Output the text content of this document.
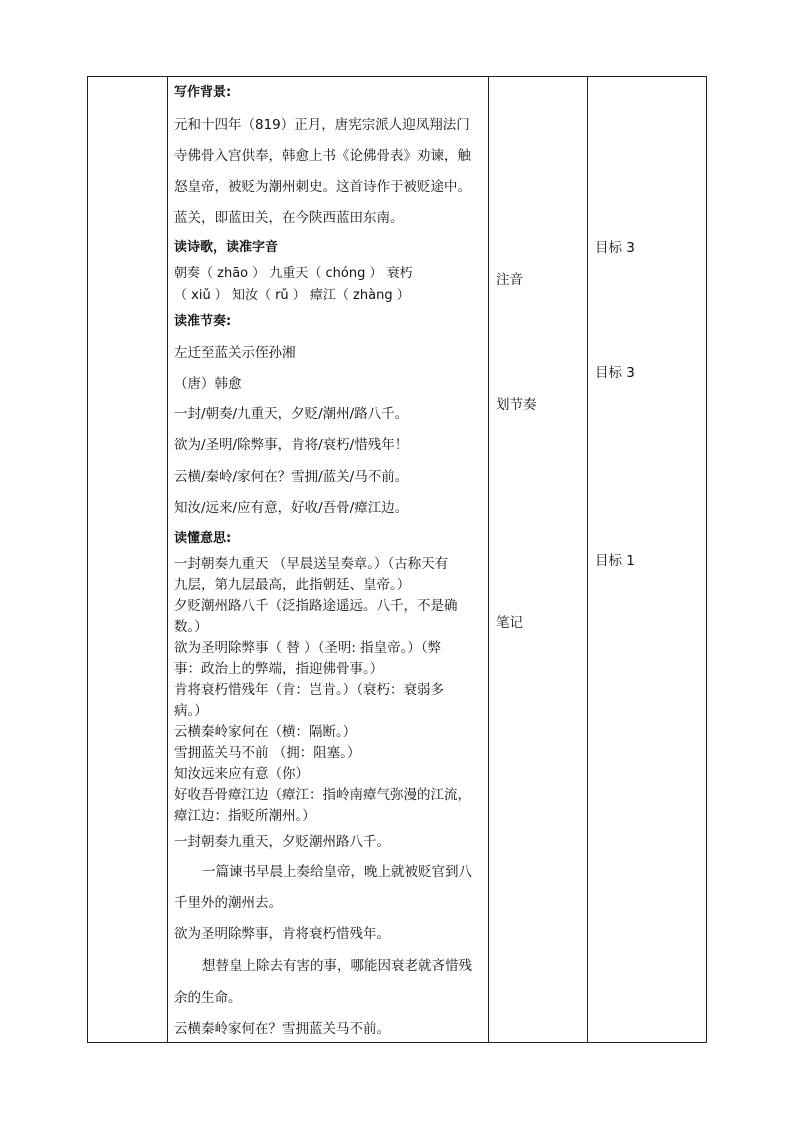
写作背景:
元和十四年（819）正月，唐宪宗派人迎凤翔法门
寺佛骨入宫供奉，韩愈上书《论佛骨表》劝谏，触
怒皇帝，被贬为潮州刺史。这首诗作于被贬途中。
蓝关，即蓝田关，在今陕西蓝田东南。
读诗歌，读准字音
朝奏（ zhāo ） 九重天（ chóng ） 衰朽
（ xiǔ ） 知汝（ rǔ ） 瘴江（ zhàng ）
读准节奏:
左迁至蓝关示侄孙湘
（唐）韩愈
一封/朝奏/九重天，夕贬/潮州/路八千。
欲为/圣明/除弊事，肯将/衰朽/惜残年！
云横/秦岭/家何在？雪拥/蓝关/马不前。
知汝/远来/应有意，好收/吾骨/瘴江边。
读懂意思:
一封朝奏九重天 （早晨送呈奏章。）（古称天有
九层，第九层最高，此指朝廷、皇帝。）
夕贬潮州路八千（泛指路途遥远。八千，不是确
数。）
欲为圣明除弊事（ 替 ）（圣明: 指皇帝。）（弊
事：政治上的弊端，指迎佛骨事。）
肯将衰朽惜残年（肯：岂肯。）（衰朽：衰弱多
病。）
云横秦岭家何在（横：隔断。）
雪拥蓝关马不前 （拥：阻塞。）
知汝远来应有意（你）
好收吾骨瘴江边（瘴江：指岭南瘴气弥漫的江流，
瘴江边：指贬所潮州。）
一封朝奏九重天，夕贬潮州路八千。
一篇谏书早晨上奏给皇帝，晚上就被贬官到八
千里外的潮州去。
欲为圣明除弊事，肯将衰朽惜残年。
想替皇上除去有害的事，哪能因衰老就吝惜残
余的生命。
云横秦岭家何在？雪拥蓝关马不前。
注音
划节奏
笔记
目标 3
目标 3
目标 1
